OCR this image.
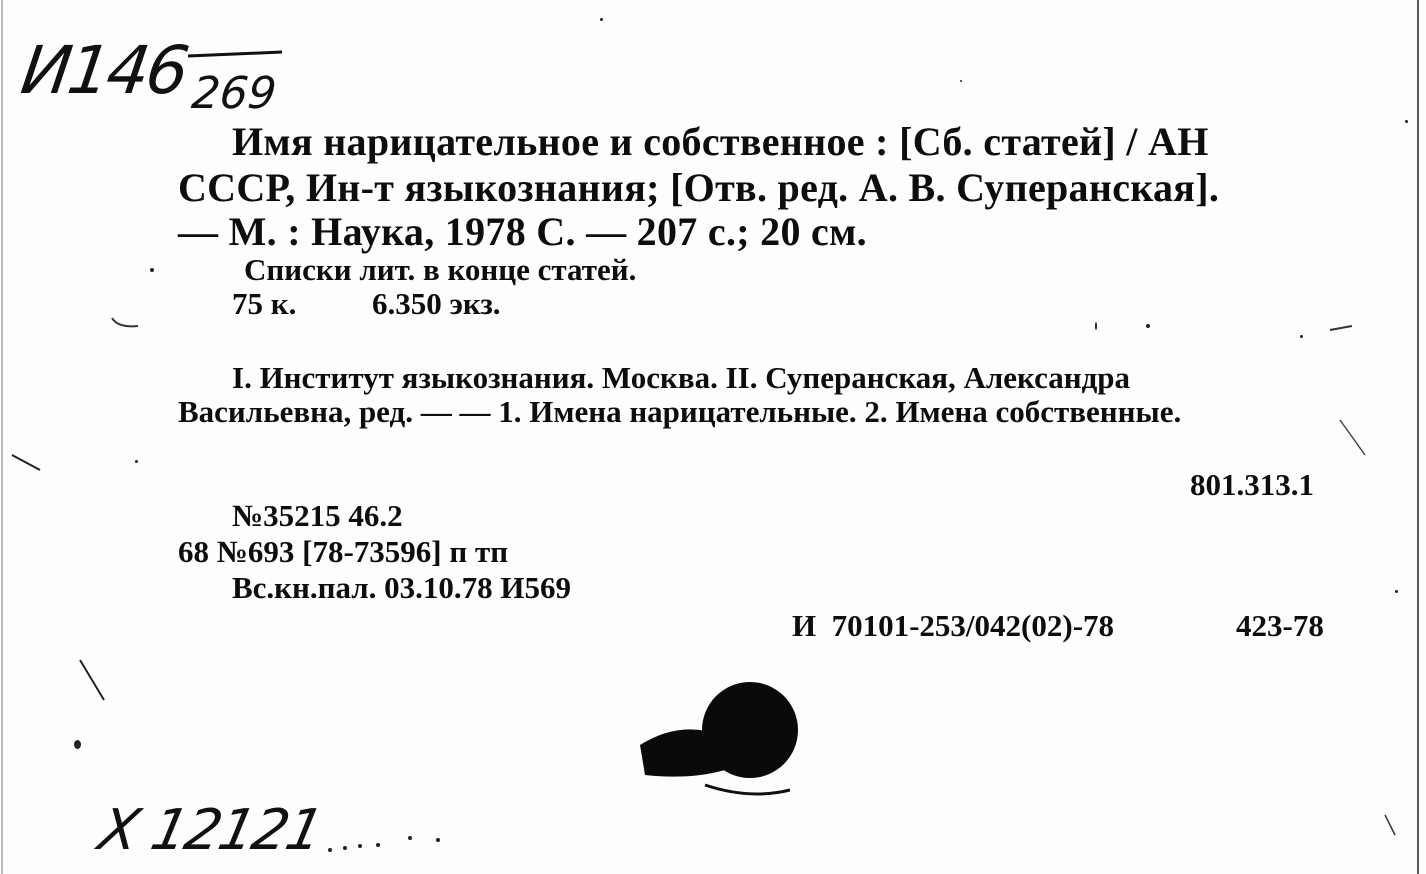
И146
269
Имя нарицательное и собственное : [Сб. статей] / АН
СССР, Ин-т языкознания; [Отв. ред. А. В. Суперанская].
— М. : Наука, 1978 С. — 207 с.; 20 см.
Списки лит. в конце статей.
75 к. 6.350 экз.
I. Институт языкознания. Москва. II. Суперанская, Александра
Васильевна, ред. — — 1. Имена нарицательные. 2. Имена собственные.
801.313.1
№35215 46.2
68 №693 [78-73596] п тп
Вс.кн.пал. 03.10.78 И569
И  70101-253/042(02)-78	423-78
Х 12121
